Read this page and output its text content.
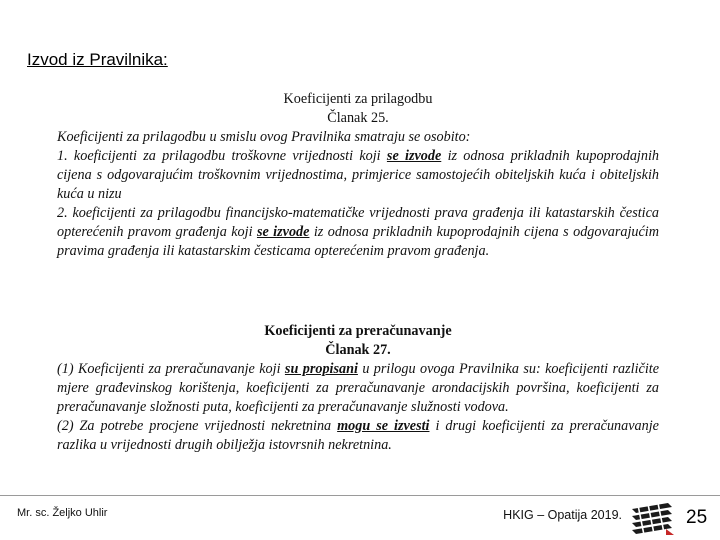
Izvod iz Pravilnika:
Koeficijenti za prilagodbu
Članak 25.
Koeficijenti za prilagodbu u smislu ovog Pravilnika smatraju se osobito:
1. koeficijenti za prilagodbu troškovne vrijednosti koji se izvode iz odnosa prikladnih kupoprodajnih cijena s odgovarajućim troškovnim vrijednostima, primjerice samostojećih obiteljskih kuća i obiteljskih kuća u nizu
2. koeficijenti za prilagodbu financijsko-matematičke vrijednosti prava građenja ili katastarskih čestica opterećenih pravom građenja koji se izvode iz odnosa prikladnih kupoprodajnih cijena s odgovarajućim pravima građenja ili katastarskim česticama opterećenim pravom građenja.
Koeficijenti za preračunavanje
Članak 27.
(1) Koeficijenti za preračunavanje koji su propisani u prilogu ovoga Pravilnika su: koeficijenti različite mjere građevinskog korištenja, koeficijenti za preračunavanje arondacijskih površina, koeficijenti za preračunavanje složnosti puta, koeficijenti za preračunavanje služnosti vodova.
(2) Za potrebe procjene vrijednosti nekretnina mogu se izvesti i drugi koeficijenti za preračunavanje razlika u vrijednosti drugih obilježja istovrsnih nekretnina.
Mr. sc. Željko Uhlir	HKIG – Opatija 2019.	25
